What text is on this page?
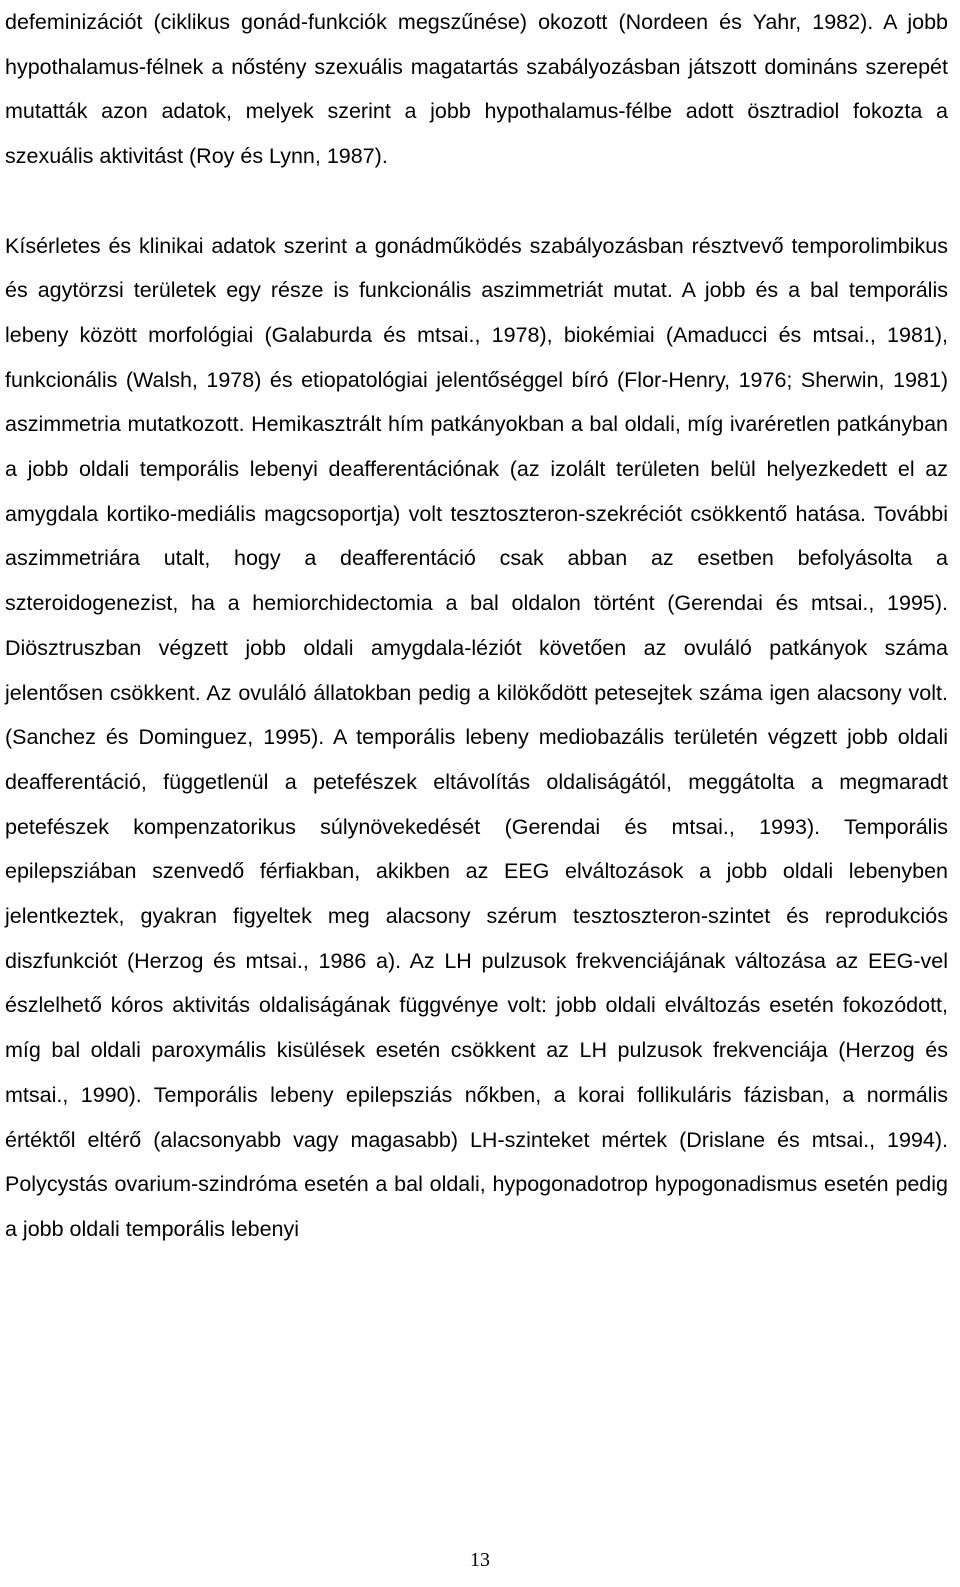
defeminizációt (ciklikus gonád-funkciók megszűnése) okozott (Nordeen és Yahr, 1982). A jobb hypothalamus-félnek a nőstény szexuális magatartás szabályozásban játszott domináns szerepét mutatták azon adatok, melyek szerint a jobb hypothalamus-félbe adott ösztradiol fokozta a szexuális aktivitást (Roy és Lynn, 1987).

Kísérletes és klinikai adatok szerint a gonádműködés szabályozásban résztvevő temporolimbikus és agytörzsi területek egy része is funkcionális aszimmetriát mutat. A jobb és a bal temporális lebeny között morfológiai (Galaburda és mtsai., 1978), biokémiai (Amaducci és mtsai., 1981), funkcionális (Walsh, 1978) és etiopatológiai jelentőséggel bíró (Flor-Henry, 1976; Sherwin, 1981) aszimmetria mutatkozott. Hemikasztrált hím patkányokban a bal oldali, míg ivaréretlen patkányban a jobb oldali temporális lebenyi deafferentációnak (az izolált területen belül helyezkedett el az amygdala kortiko-mediális magcsoportja) volt tesztoszteron-szekréciót csökkentő hatása. További aszimmetriára utalt, hogy a deafferentáció csak abban az esetben befolyásolta a szteroidogenezist, ha a hemiorchidectomia a bal oldalon történt (Gerendai és mtsai., 1995). Diösztruszban végzett jobb oldali amygdala-léziót követően az ovuláló patkányok száma jelentősen csökkent. Az ovuláló állatokban pedig a kilökődött petesejtek száma igen alacsony volt. (Sanchez és Dominguez, 1995). A temporális lebeny mediobazális területén végzett jobb oldali deafferentáció, függetlenül a petefészek eltávolítás oldaliságától, meggátolta a megmaradt petefészek kompenzatorikus súlynövekedését (Gerendai és mtsai., 1993). Temporális epilepsziában szenvedő férfiakban, akikben az EEG elváltozások a jobb oldali lebenyben jelentkeztek, gyakran figyeltek meg alacsony szérum tesztoszteron-szintet és reprodukciós diszfunkciót (Herzog és mtsai., 1986 a). Az LH pulzusok frekvenciájának változása az EEG-vel észlelhető kóros aktivitás oldaliságának függvénye volt: jobb oldali elváltozás esetén fokozódott, míg bal oldali paroxymális kisülések esetén csökkent az LH pulzusok frekvenciája (Herzog és mtsai., 1990). Temporális lebeny epilepsziás nőkben, a korai follikuláris fázisban, a normális értéktől eltérő (alacsonyabb vagy magasabb) LH-szinteket mértek (Drislane és mtsai., 1994). Polycystás ovarium-szindróma esetén a bal oldali, hypogonadotrop hypogonadismus esetén pedig a jobb oldali temporális lebenyi

13
